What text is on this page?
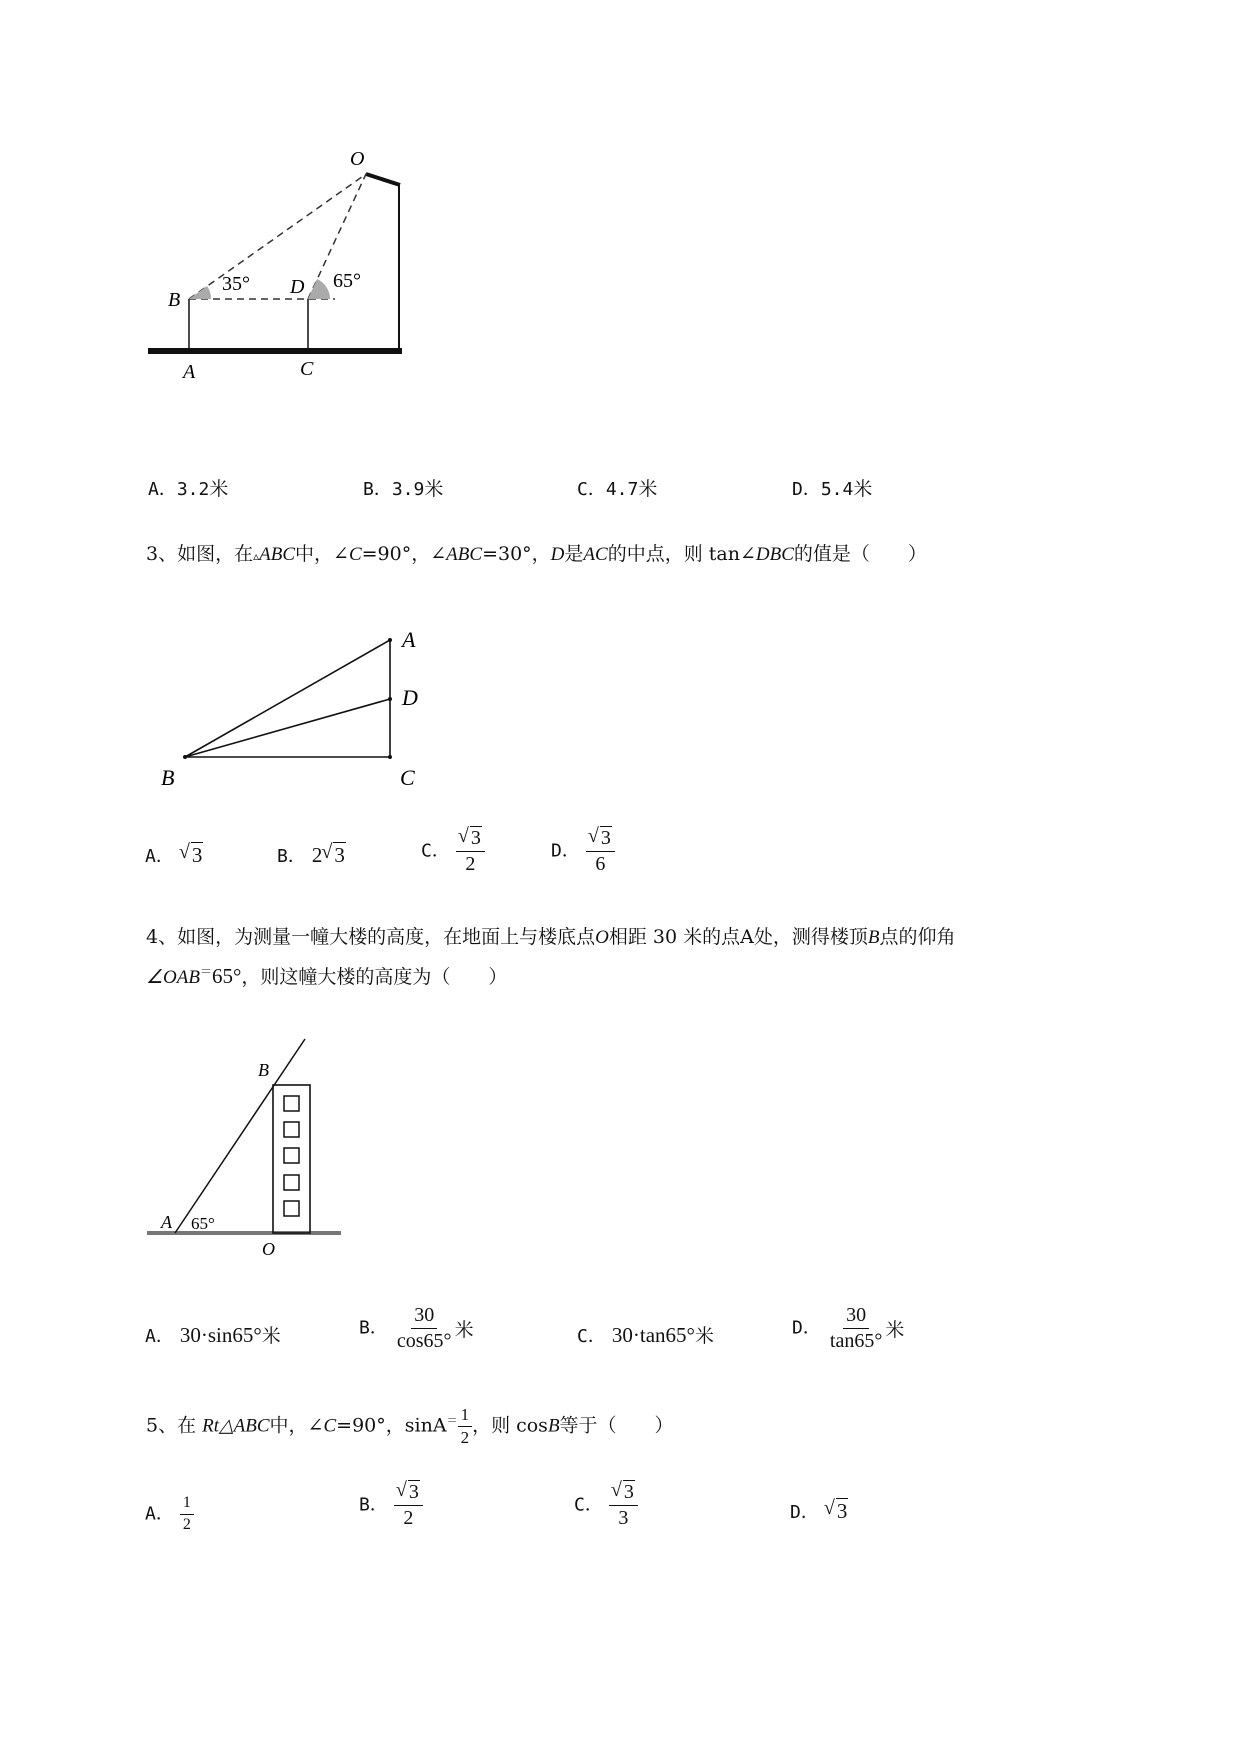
O
B
D
A	C
35°	65°
A．3.2米	B．3.9米	C．4.7米	D．5.4米
3、如图，在▵ABC中，∠C=90°，∠ABC=30°，D是AC的中点，则 tan∠DBC的值是（　　）
A
D
B	C
A． √ 3	B． 2 √ 3	C． √ $\frac{3}{2}$	D． √ $\frac{3}{6}$
4、如图，为测量一幢大楼的高度，在地面上与楼底点O相距 30 米的点A处，测得楼顶B点的仰角
∠OAB＝65°，则这幢大楼的高度为（　　）
B
A
O
65°
A． 30·sin65°米	B． $\frac{30}{\cos 65^\circ}$ 米	C． 30·tan65°米	D． $\frac{30}{\tan 65^\circ}$ 米
5、在 Rt△ABC中，∠C=90°，$\sin A^= \frac{1}{2}$ ，则 cosB等于（　　）
A． $\frac{1}{2}$	B． √ $\frac{3}{2}$	C． √ $\frac{3}{3}$	D． √ 3
